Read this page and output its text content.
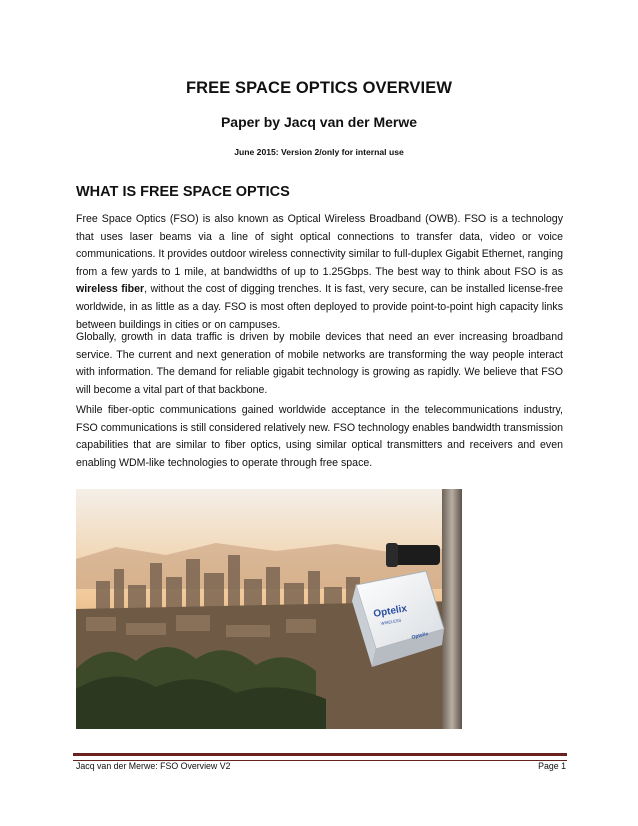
FREE SPACE OPTICS OVERVIEW
Paper by Jacq van der Merwe
June 2015: Version 2/only for internal use
WHAT IS FREE SPACE OPTICS
Free Space Optics (FSO) is also known as Optical Wireless Broadband (OWB). FSO is a technology that uses laser beams via a line of sight optical connections to transfer data, video or voice communications. It provides outdoor wireless connectivity similar to full-duplex Gigabit Ethernet, ranging from a few yards to 1 mile, at bandwidths of up to 1.25Gbps. The best way to think about FSO is as wireless fiber, without the cost of digging trenches. It is fast, very secure, can be installed license-free worldwide, in as little as a day. FSO is most often deployed to provide point-to-point high capacity links between buildings in cities or on campuses.
Globally, growth in data traffic is driven by mobile devices that need an ever increasing broadband service. The current and next generation of mobile networks are transforming the way people interact with information. The demand for reliable gigabit technology is growing as rapidly. We believe that FSO will become a vital part of that backbone.
While fiber-optic communications gained worldwide acceptance in the telecommunications industry, FSO communications is still considered relatively new. FSO technology enables bandwidth transmission capabilities that are similar to fiber optics, using similar optical transmitters and receivers and even enabling WDM-like technologies to operate through free space.
Optelix
WIRELESS
Optelix
Jacq van der Merwe: FSO Overview V2	Page 1
